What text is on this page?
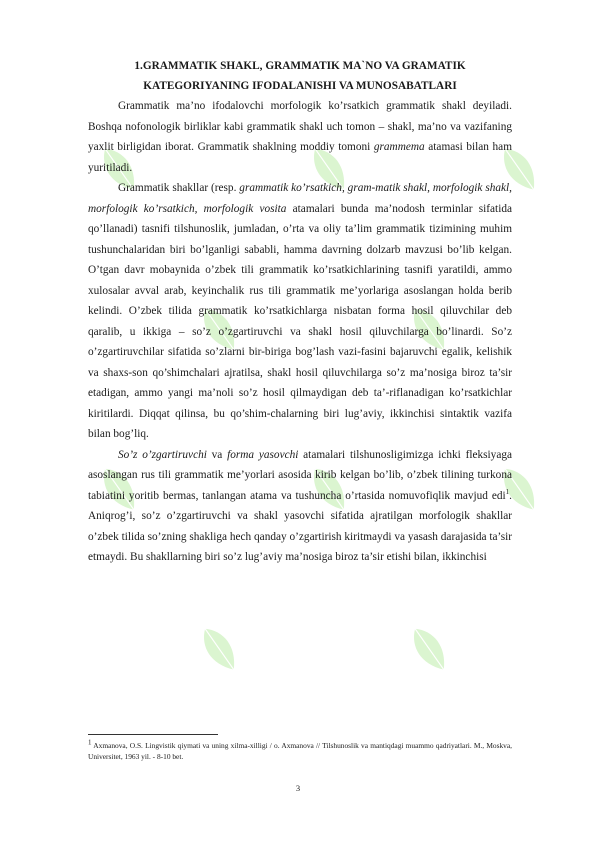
1.GRAMMATIK SHAKL, GRAMMATIK MA`NO VA GRAMATIK
KATEGORIYANING IFODALANISHI VA MUNOSABATLARI

Grammatik ma’no ifodalovchi morfologik ko’rsatkich grammatik shakl deyiladi. Boshqa nofonologik birliklar kabi grammatik shakl uch tomon – shakl, ma’no va vazifaning yaxlit birligidan iborat. Grammatik shaklning moddiy tomoni grammema atamasi bilan ham yuritiladi.

Grammatik shakllar (resp. grammatik ko’rsatkich, gram-matik shakl, morfologik shakl, morfologik ko’rsatkich, morfologik vosita atamalari bunda ma’nodosh terminlar sifatida qo’llanadi) tasnifi tilshunoslik, jumladan, o’rta va oliy ta’lim grammatik tizimining muhim tushunchalaridan biri bo’lganligi sababli, hamma davrning dolzarb mavzusi bo’lib kelgan. O’tgan davr mobaynida o’zbek tili grammatik ko’rsatkichlarining tasnifi yaratildi, ammo xulosalar avval arab, keyinchalik rus tili grammatik me’yorlariga asoslangan holda berib kelindi. O’zbek tilida grammatik ko’rsatkichlarga nisbatan forma hosil qiluvchilar deb qaralib, u ikkiga – so’z o’zgartiruvchi va shakl hosil qiluvchilarga bo’linardi. So’z o’zgartiruvchilar sifatida so’zlarni bir-biriga bog’lash vazi-fasini bajaruvchi egalik, kelishik va shaxs-son qo’shimchalari ajratilsa, shakl hosil qiluvchilarga so’z ma’nosiga biroz ta’sir etadigan, ammo yangi ma’noli so’z hosil qilmaydigan deb ta’-riflanadigan ko’rsatkichlar kiritilardi. Diqqat qilinsa, bu qo’shim-chalarning biri lug’aviy, ikkinchisi sintaktik vazifa bilan bog’liq.

So’z o’zgartiruvchi va forma yasovchi atamalari tilshunosligimizga ichki fleksiyaga asoslangan rus tili grammatik me’yorlari asosida kirib kelgan bo’lib, o’zbek tilining turkona tabiatini yoritib bermas, tanlangan atama va tushuncha o’rtasida nomuvofiqlik mavjud edi$^1$. Aniqrog’i, so’z o’zgartiruvchi va shakl yasovchi sifatida ajratilgan morfologik shakllar o’zbek tilida so’zning shakliga hech qanday o’zgartirish kiritmaydi va yasash darajasida ta’sir etmaydi. Bu shakllarning biri so’z lug’aviy ma’nosiga biroz ta’sir etishi bilan, ikkinchisi

$^1$ Axmanova, O.S. Lingvistik qiymati va uning xilma-xilligi / o. Axmanova // Tilshunoslik va mantiqdagi muammo qadriyatlari. M., Moskva, Universitet, 1963 yil. - 8-10 bet.
3
